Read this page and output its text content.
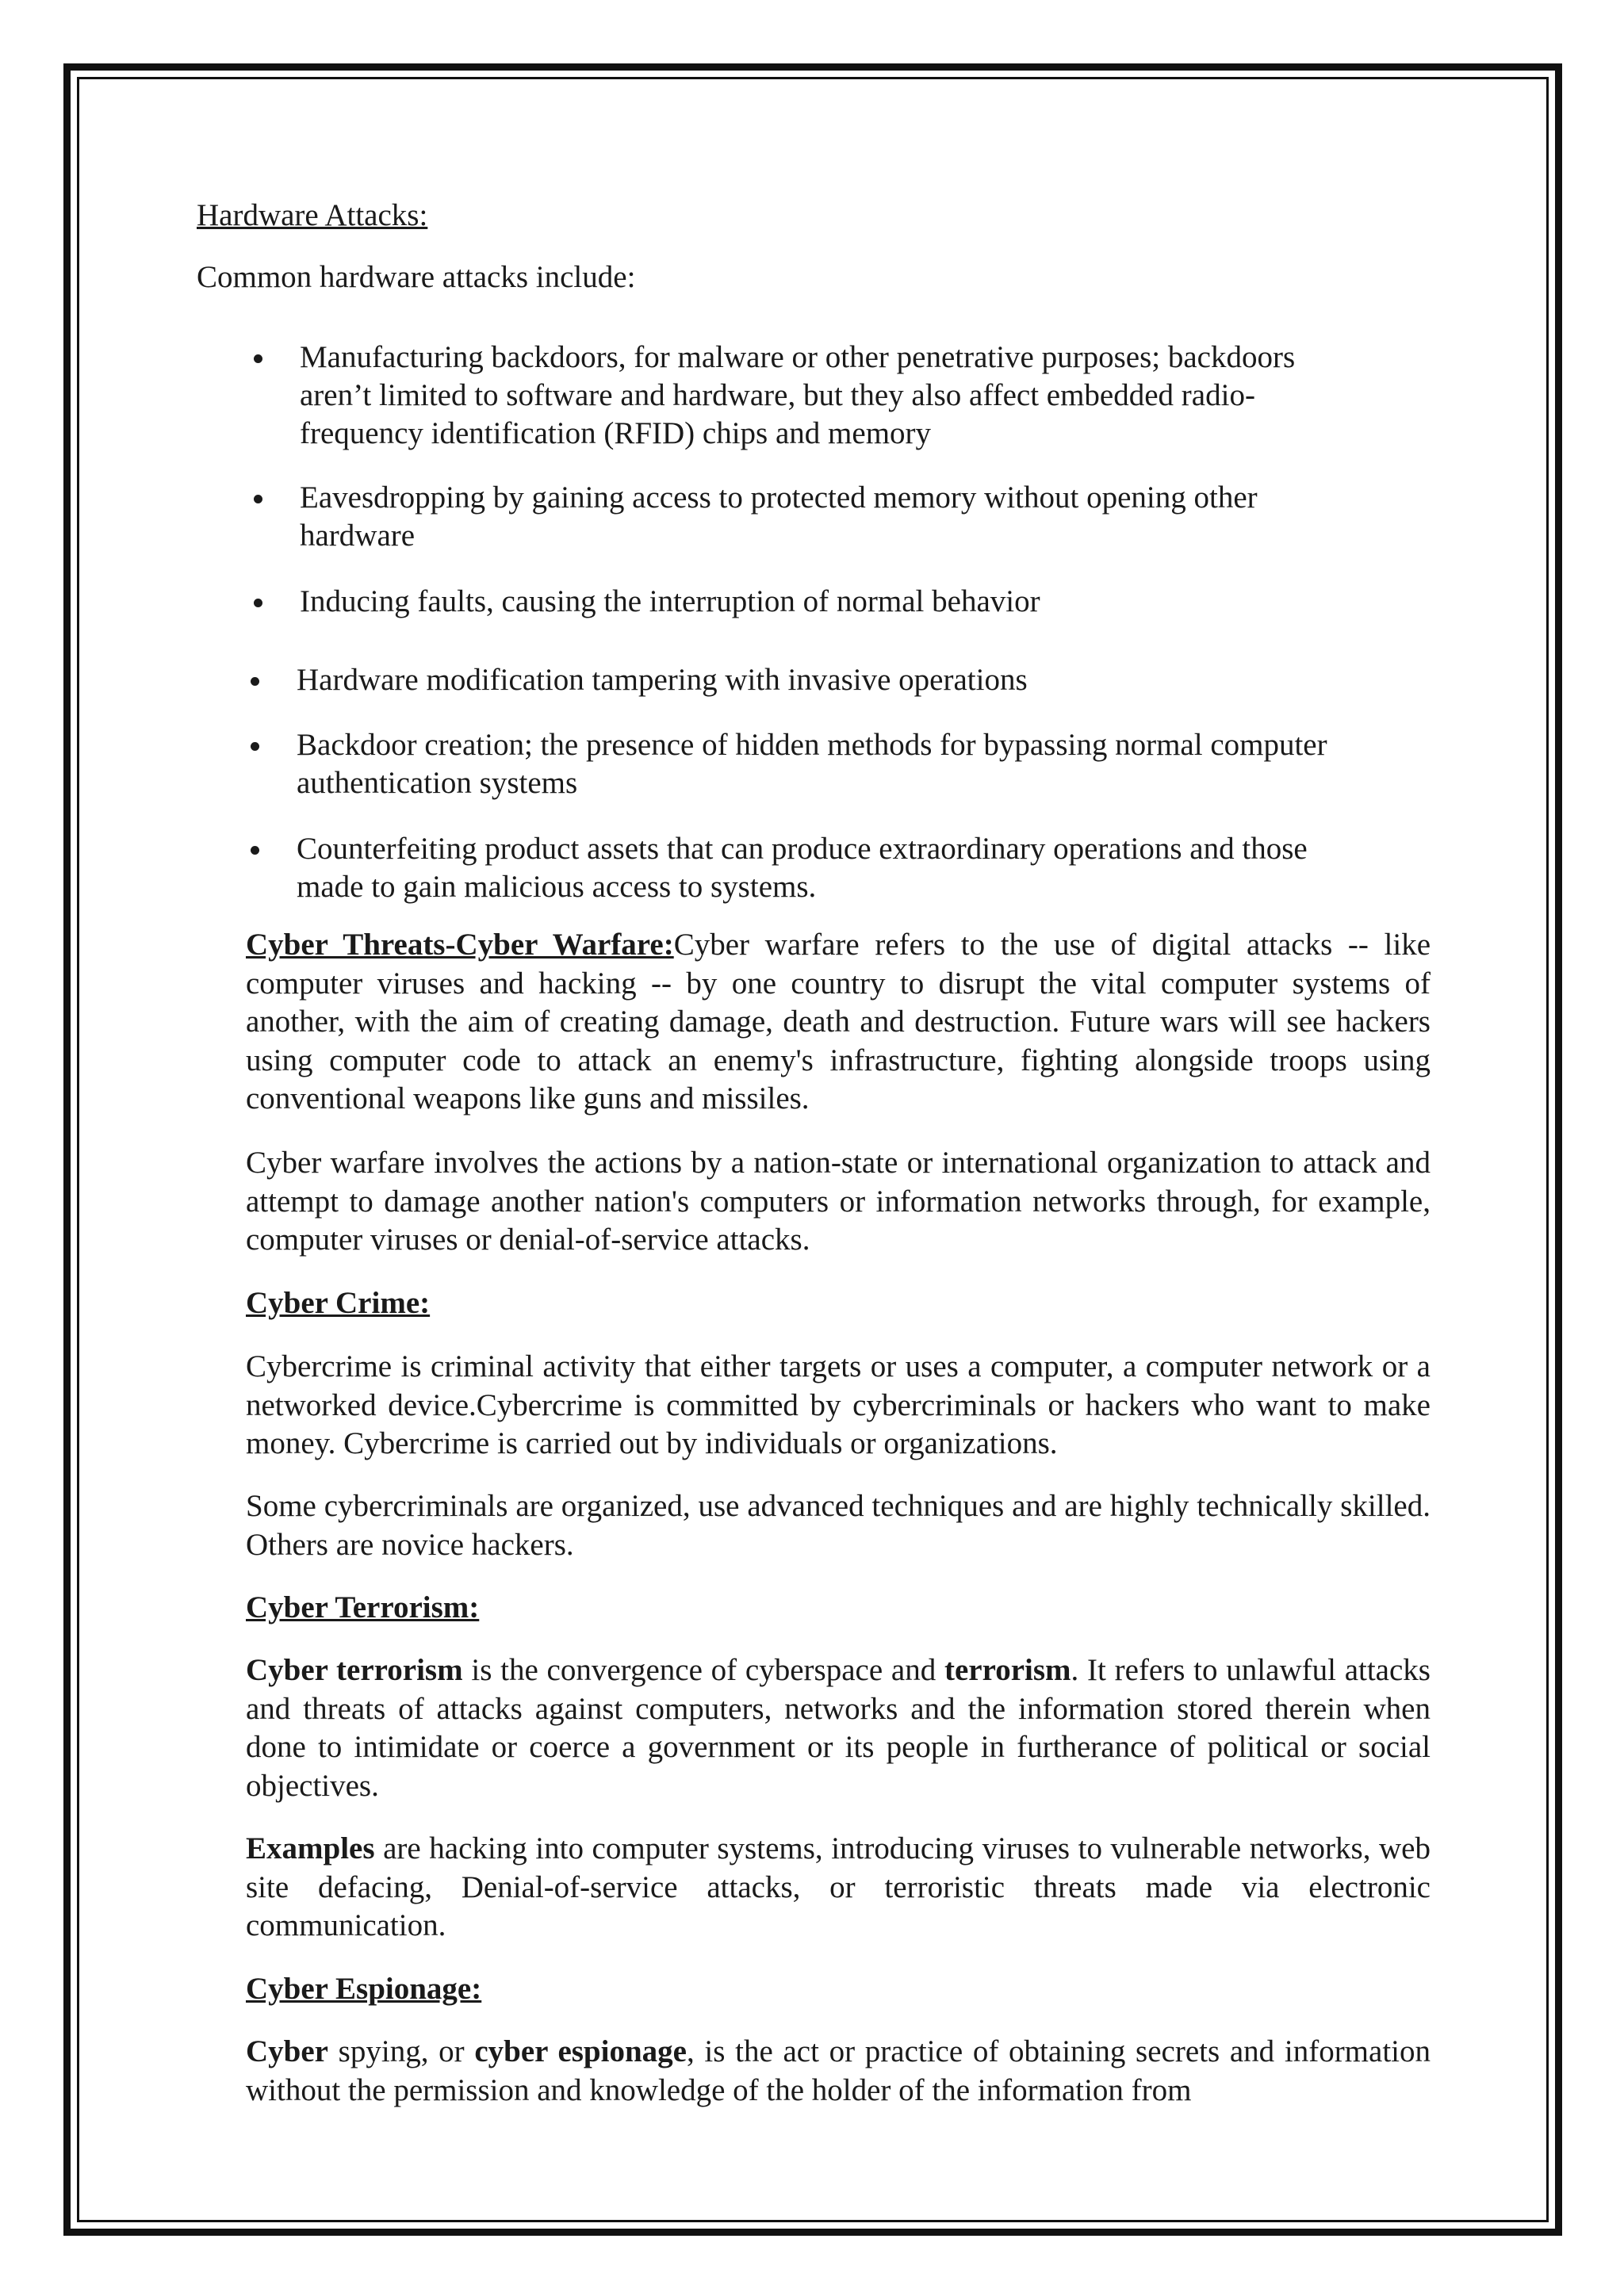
Hardware Attacks:
Common hardware attacks include:
Manufacturing backdoors, for malware or other penetrative purposes; backdoors
aren’t limited to software and hardware, but they also affect embedded radio-
frequency identification (RFID) chips and memory
Eavesdropping by gaining access to protected memory without opening other
hardware
Inducing faults, causing the interruption of normal behavior
Hardware modification tampering with invasive operations
Backdoor creation; the presence of hidden methods for bypassing normal computer
authentication systems
Counterfeiting product assets that can produce extraordinary operations and those
made to gain malicious access to systems.
Cyber Threats-Cyber Warfare:Cyber warfare refers to the use of digital attacks -- like computer viruses and hacking -- by one country to disrupt the vital computer systems of another, with the aim of creating damage, death and destruction. Future wars will see hackers using computer code to attack an enemy's infrastructure, fighting alongside troops using conventional weapons like guns and missiles.
Cyber warfare involves the actions by a nation-state or international organization to attack and attempt to damage another nation's computers or information networks through, for example, computer viruses or denial-of-service attacks.
Cyber Crime:
Cybercrime is criminal activity that either targets or uses a computer, a computer network or a networked device.Cybercrime is committed by cybercriminals or hackers who want to make money. Cybercrime is carried out by individuals or organizations.
Some cybercriminals are organized, use advanced techniques and are highly technically skilled. Others are novice hackers.
Cyber Terrorism:
Cyber terrorism is the convergence of cyberspace and terrorism. It refers to unlawful attacks and threats of attacks against computers, networks and the information stored therein when done to intimidate or coerce a government or its people in furtherance of political or social objectives.
Examples are hacking into computer systems, introducing viruses to vulnerable networks, web site defacing, Denial-of-service attacks, or terroristic threats made via electronic communication.
Cyber Espionage:
Cyber spying, or cyber espionage, is the act or practice of obtaining secrets and information without the permission and knowledge of the holder of the information from
